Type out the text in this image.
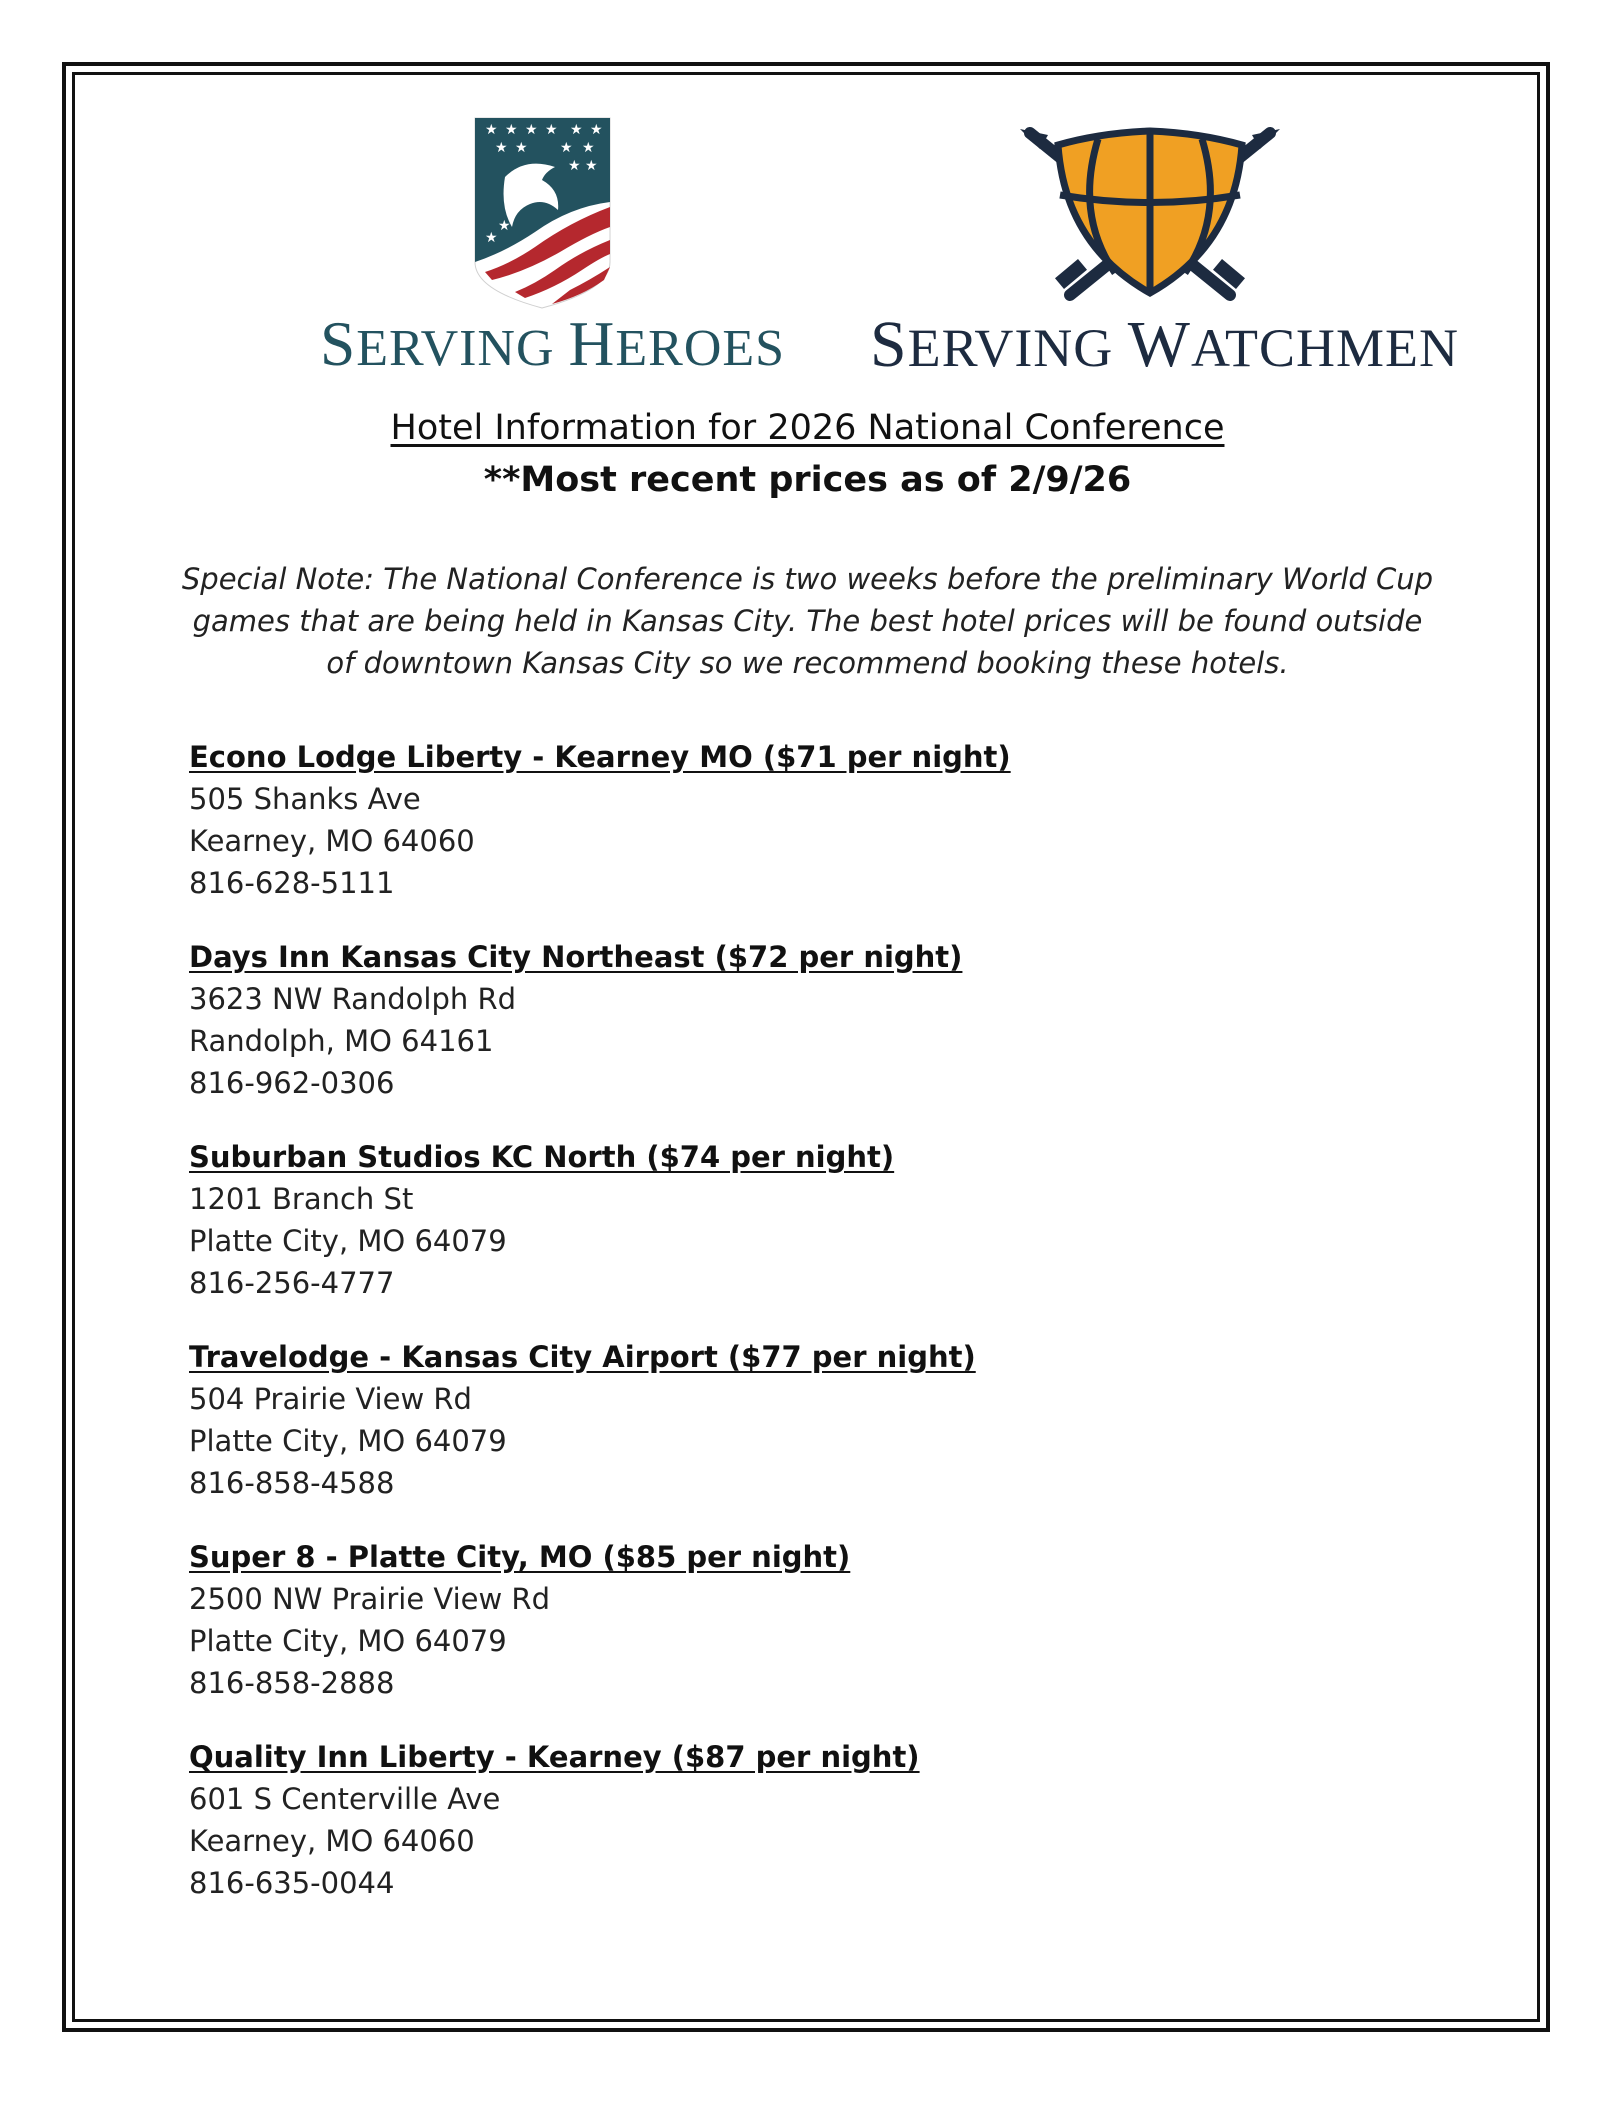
★ ★ ★ ★ ★ ★
★ ★ ★ ★
★
★
★
★
SERVING HEROES SERVING WATCHMEN
Hotel Information for 2026 National Conference
**Most recent prices as of 2/9/26
Special Note: The National Conference is two weeks before the preliminary World Cup games that are being held in Kansas City. The best hotel prices will be found outside of downtown Kansas City so we recommend booking these hotels.
Econo Lodge Liberty - Kearney MO ($71 per night)
505 Shanks Ave
Kearney, MO 64060
816-628-5111
Days Inn Kansas City Northeast ($72 per night)
3623 NW Randolph Rd
Randolph, MO 64161
816-962-0306
Suburban Studios KC North ($74 per night)
1201 Branch St
Platte City, MO 64079
816-256-4777
Travelodge - Kansas City Airport ($77 per night)
504 Prairie View Rd
Platte City, MO 64079
816-858-4588
Super 8 - Platte City, MO ($85 per night)
2500 NW Prairie View Rd
Platte City, MO 64079
816-858-2888
Quality Inn Liberty - Kearney ($87 per night)
601 S Centerville Ave
Kearney, MO 64060
816-635-0044
